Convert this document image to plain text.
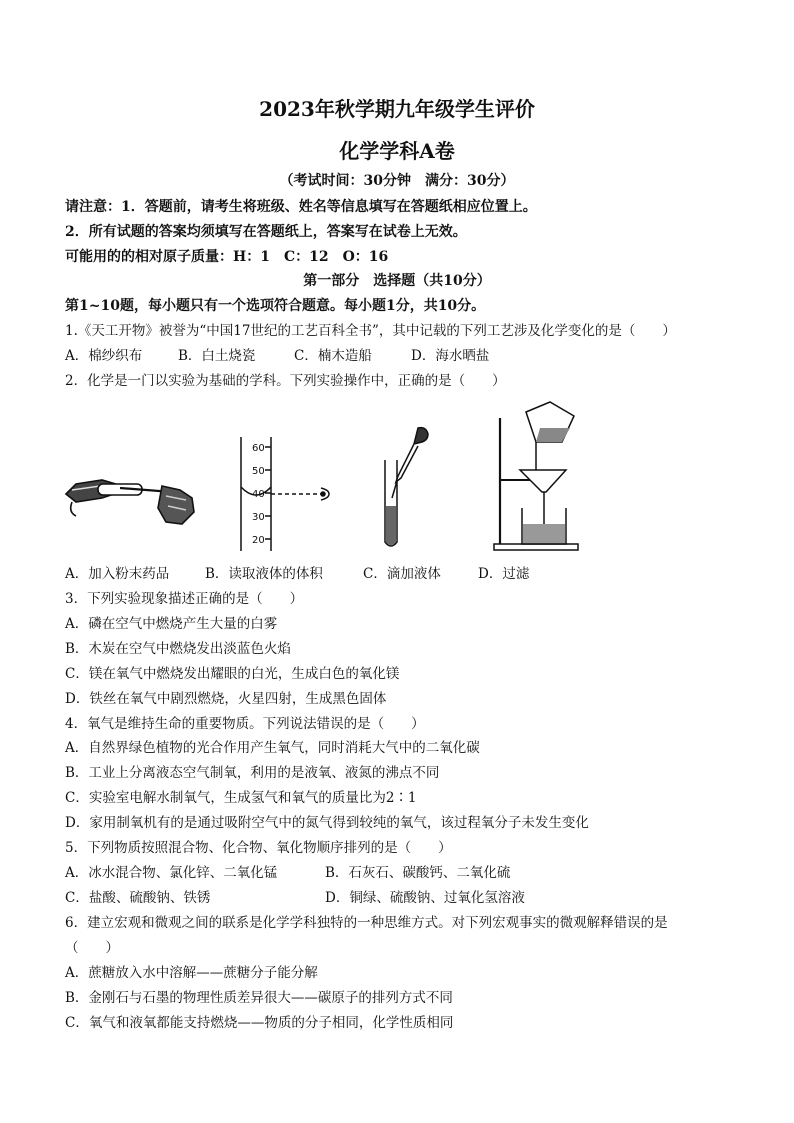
2023年秋学期九年级学生评价
化学学科A卷
（考试时间：30分钟　满分：30分）
请注意：1．答题前，请考生将班级、姓名等信息填写在答题纸相应位置上。
2．所有试题的答案均须填写在答题纸上，答案写在试卷上无效。
可能用的的相对原子质量：H：1　C：12　O：16
第一部分　选择题（共10分）
第1~10题，每小题只有一个选项符合题意。每小题1分，共10分。
1.《天工开物》被誉为“中国17世纪的工艺百科全书”，其中记载的下列工艺涉及化学变化的是（　　）
A．棉纱织布	B．白土烧瓷	C．楠木造船	D．海水晒盐
2．化学是一门以实验为基础的学科。下列实验操作中，正确的是（　　）
60
50
40
30
20
A．加入粉末药品	B．读取液体的体积	C．滴加液体	D．过滤
3．下列实验现象描述正确的是（　　）
A．磷在空气中燃烧产生大量的白雾
B．木炭在空气中燃烧发出淡蓝色火焰
C．镁在氧气中燃烧发出耀眼的白光，生成白色的氧化镁
D．铁丝在氧气中剧烈燃烧，火星四射，生成黑色固体
4．氧气是维持生命的重要物质。下列说法错误的是（　　）
A．自然界绿色植物的光合作用产生氧气，同时消耗大气中的二氧化碳
B．工业上分离液态空气制氧，利用的是液氧、液氮的沸点不同
C．实验室电解水制氧气，生成氢气和氧气的质量比为2∶1
D．家用制氧机有的是通过吸附空气中的氮气得到较纯的氧气，该过程氧分子未发生变化
5．下列物质按照混合物、化合物、氧化物顺序排列的是（　　）
A．冰水混合物、氯化锌、二氧化锰	B．石灰石、碳酸钙、二氧化硫
C．盐酸、硫酸钠、铁锈	D．铜绿、硫酸钠、过氧化氢溶液
6．建立宏观和微观之间的联系是化学学科独特的一种思维方式。对下列宏观事实的微观解释错误的是
（　　）
A．蔗糖放入水中溶解——蔗糖分子能分解
B．金刚石与石墨的物理性质差异很大——碳原子的排列方式不同
C．氧气和液氧都能支持燃烧——物质的分子相同，化学性质相同
